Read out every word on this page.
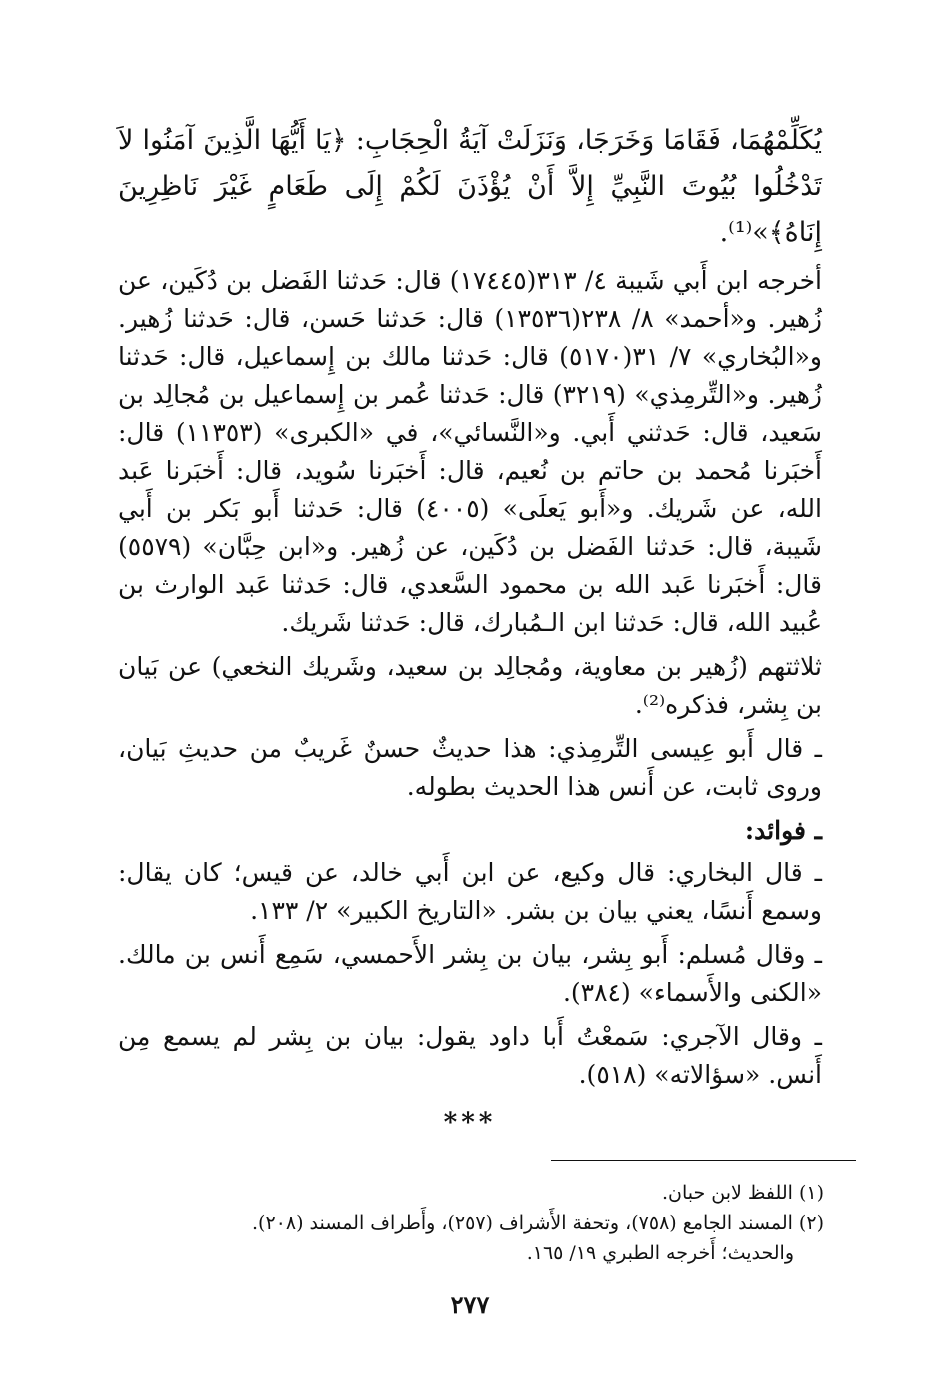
يُكَلِّمْهُمَا، فَقَامَا وَخَرَجَا، وَنَزَلَتْ آيَةُ الْحِجَابِ: ﴿يَا أَيُّهَا الَّذِينَ آمَنُوا لاَ تَدْخُلُوا بُيُوتَ النَّبِيِّ إِلاَّ أَنْ يُؤْذَنَ لَكُمْ إِلَى طَعَامٍ غَيْرَ نَاظِرِينَ إِنَاهُ﴾»⁽¹⁾.

أخرجه ابن أَبي شَيبة ٤/ ٣١٣(١٧٤٤٥) قال: حَدثنا الفَضل بن دُكَين، عن زُهير. و«أحمد» ٨/ ٢٣٨(١٣٥٣٦) قال: حَدثنا حَسن، قال: حَدثنا زُهير. و«البُخاري» ٧/ ٣١(٥١٧٠) قال: حَدثنا مالك بن إِسماعيل، قال: حَدثنا زُهير. و«التِّرمِذي» (٣٢١٩) قال: حَدثنا عُمر بن إِسماعيل بن مُجالِد بن سَعيد، قال: حَدثني أَبي. و«النَّسائي»، في «الكبرى» (١١٣٥٣) قال: أَخبَرنا مُحمد بن حاتم بن نُعيم، قال: أَخبَرنا سُويد، قال: أَخبَرنا عَبد الله، عن شَريك. و«أَبو يَعلَى» (٤٠٠٥) قال: حَدثنا أَبو بَكر بن أَبي شَيبة، قال: حَدثنا الفَضل بن دُكَين، عن زُهير. و«ابن حِبَّان» (٥٥٧٩) قال: أَخبَرنا عَبد الله بن محمود السَّعدي، قال: حَدثنا عَبد الوارث بن عُبيد الله، قال: حَدثنا ابن الـمُبارك، قال: حَدثنا شَريك.

ثلاثتهم (زُهير بن معاوية، ومُجالِد بن سعيد، وشَريك النخعي) عن بَيان بن بِشر، فذكره⁽²⁾.

ـ قال أَبو عِيسى التِّرمِذي: هذا حديثٌ حسنٌ غَريبٌ من حديثِ بَيان، وروى ثابت، عن أَنس هذا الحديث بطوله.

ـ فوائد:

ـ قال البخاري: قال وكيع، عن ابن أَبي خالد، عن قيس؛ كان يقال: وسمع أَنسًا، يعني بيان بن بشر. «التاريخ الكبير» ٢/ ١٣٣.

ـ وقال مُسلم: أَبو بِشر، بيان بن بِشر الأَحمسي، سَمِع أَنس بن مالك. «الكنى والأَسماء» (٣٨٤).

ـ وقال الآجري: سَمعْتُ أَبا داود يقول: بيان بن بِشر لم يسمع مِن أَنس. «سؤالاته» (٥١٨).

***

(١) اللفظ لابن حبان.

(٢) المسند الجامع (٧٥٨)، وتحفة الأَشراف (٢٥٧)، وأَطراف المسند (٢٠٨).

والحديث؛ أَخرجه الطبري ١٩/ ١٦٥.

٢٧٧
